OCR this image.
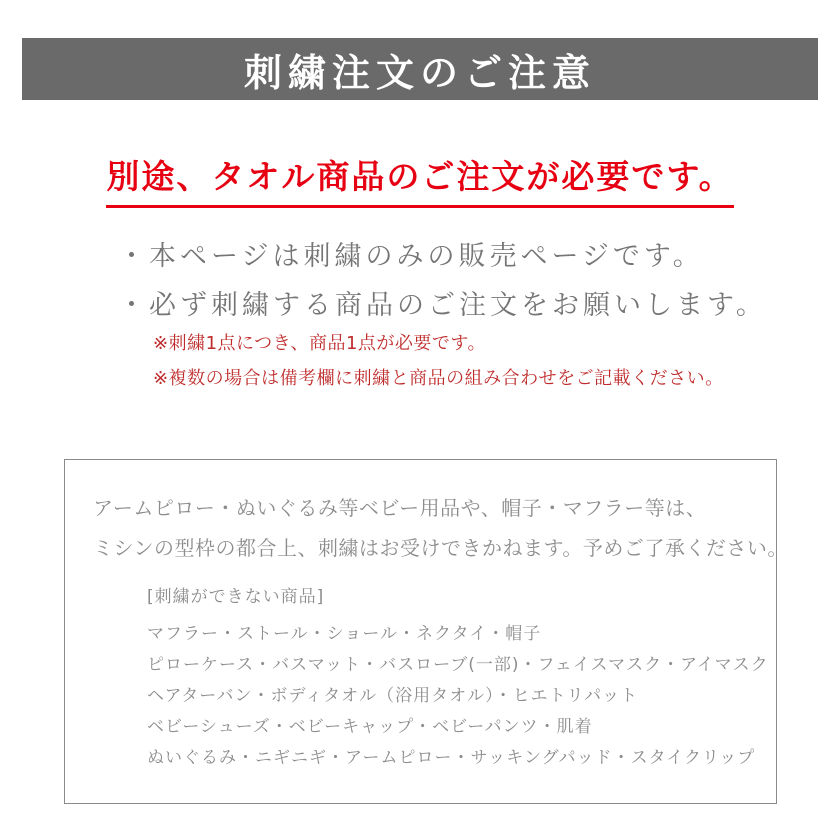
刺繍注文のご注意
別途、タオル商品のご注文が必要です。
・本ページは刺繍のみの販売ページです。
・必ず刺繍する商品のご注文をお願いします。
※刺繍1点につき、商品1点が必要です。
※複数の場合は備考欄に刺繍と商品の組み合わせをご記載ください。

アームピロー・ぬいぐるみ等ベビー用品や、帽子・マフラー等は、
ミシンの型枠の都合上、刺繍はお受けできかねます。予めご了承ください。

[刺繍ができない商品]

マフラー・ストール・ショール・ネクタイ・帽子
ピローケース・バスマット・バスローブ(一部)・フェイスマスク・アイマスク
ヘアターバン・ボディタオル（浴用タオル）・ヒエトリパット
ベビーシューズ・ベビーキャップ・ベビーパンツ・肌着
ぬいぐるみ・ニギニギ・アームピロー・サッキングパッド・スタイクリップ
